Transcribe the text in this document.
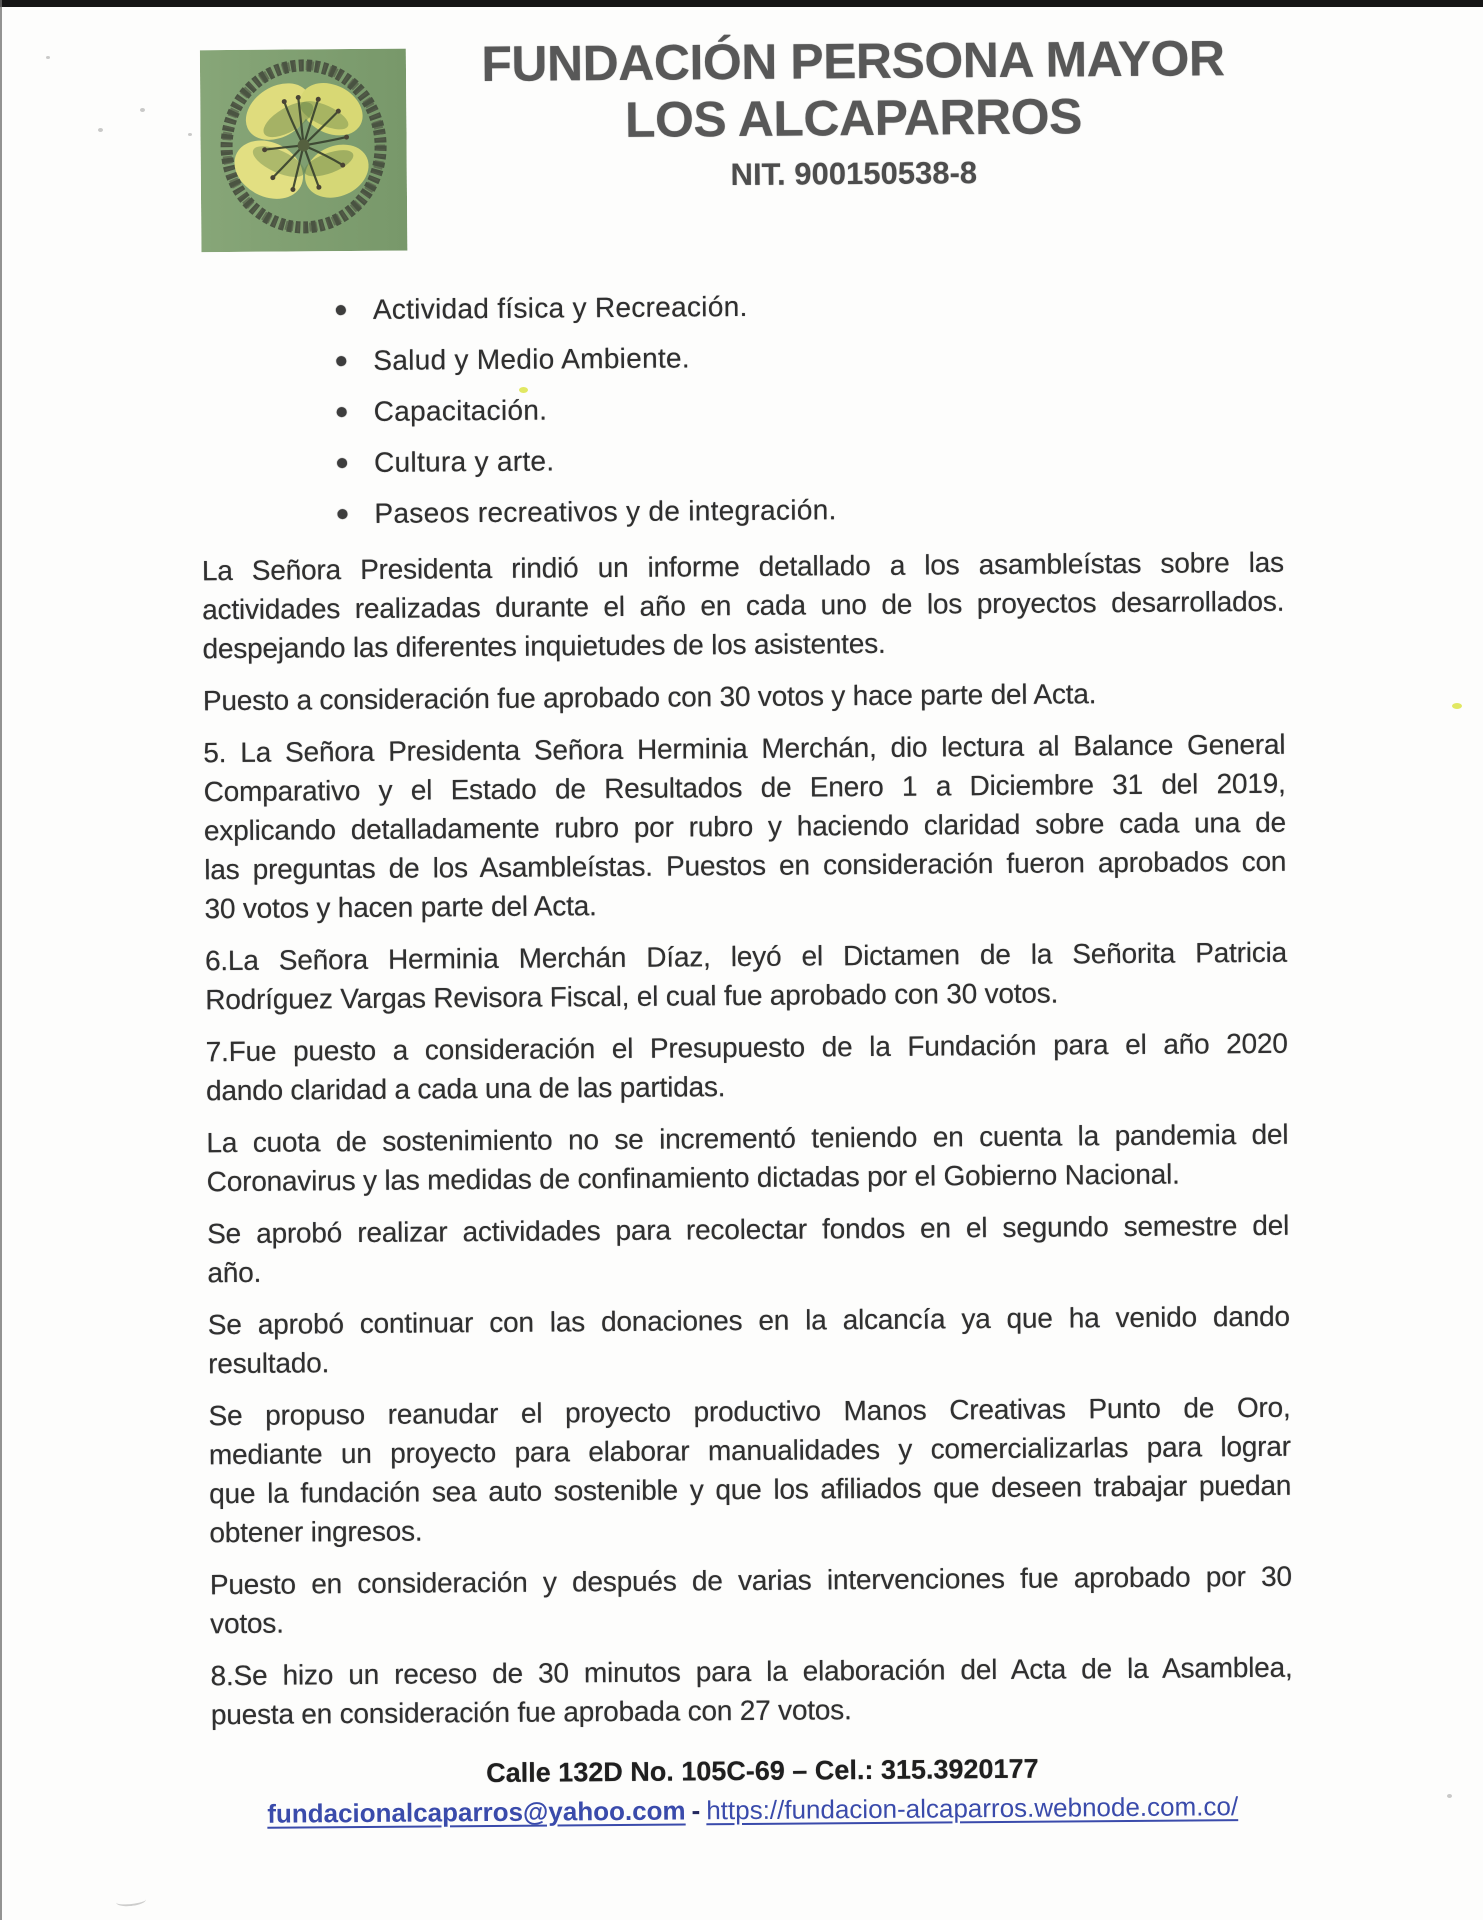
FUNDACIÓN PERSONA MAYOR
LOS ALCAPARROS
NIT. 900150538-8
Actividad física y Recreación.
Salud y Medio Ambiente.
Capacitación.
Cultura y arte.
Paseos recreativos y de integración.
La Señora Presidenta rindió un informe detallado a los asambleístas sobre las
actividades realizadas durante el año en cada uno de los proyectos desarrollados.
despejando las diferentes inquietudes de los asistentes.
Puesto a consideración fue aprobado con 30 votos y hace parte del Acta.
5. La Señora Presidenta Señora Herminia Merchán, dio lectura al Balance General
Comparativo y el Estado de Resultados de Enero 1 a Diciembre 31 del 2019,
explicando detalladamente rubro por rubro y haciendo claridad sobre cada una de
las preguntas de los Asambleístas. Puestos en consideración fueron aprobados con
30 votos y hacen parte del Acta.
6.La Señora Herminia Merchán Díaz, leyó el Dictamen de la Señorita Patricia
Rodríguez Vargas Revisora Fiscal, el cual fue aprobado con 30 votos.
7.Fue puesto a consideración el Presupuesto de la Fundación para el año 2020
dando claridad a cada una de las partidas.
La cuota de sostenimiento no se incrementó teniendo en cuenta la pandemia del
Coronavirus y las medidas de confinamiento dictadas por el Gobierno Nacional.
Se aprobó realizar actividades para recolectar fondos en el segundo semestre del
año.
Se aprobó continuar con las donaciones en la alcancía ya que ha venido dando
resultado.
Se propuso reanudar el proyecto productivo Manos Creativas Punto de Oro,
mediante un proyecto para elaborar manualidades y comercializarlas para lograr
que la fundación sea auto sostenible y que los afiliados que deseen trabajar puedan
obtener ingresos.
Puesto en consideración y después de varias intervenciones fue aprobado por 30
votos.
8.Se hizo un receso de 30 minutos para la elaboración del Acta de la Asamblea,
puesta en consideración fue aprobada con 27 votos.
Calle 132D No. 105C-69 – Cel.: 315.3920177
fundacionalcaparros@yahoo.com - https://fundacion-alcaparros.webnode.com.co/
